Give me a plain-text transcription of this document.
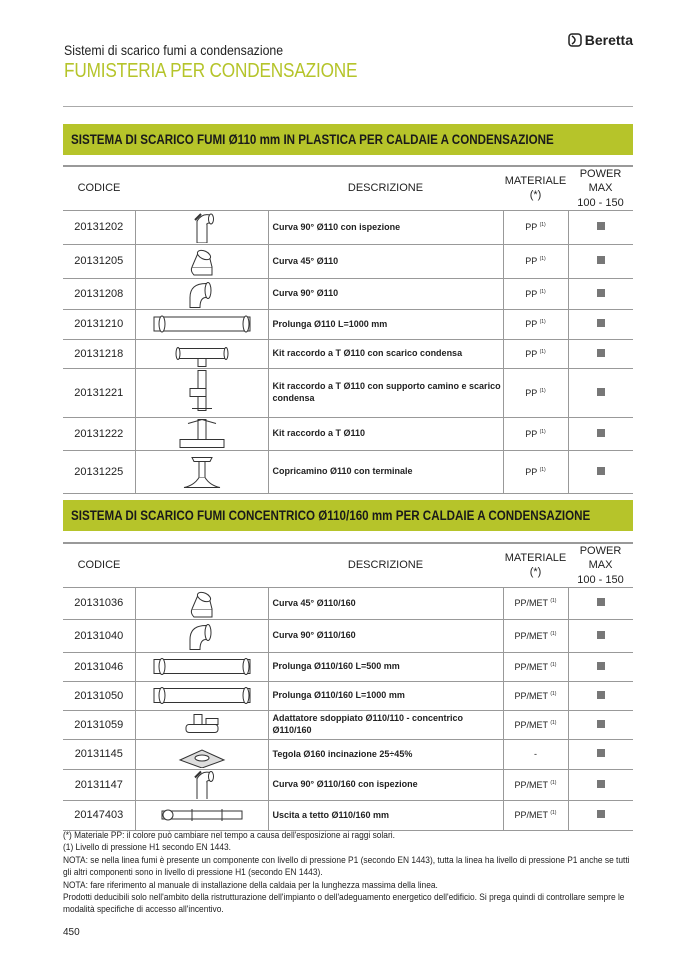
Sistemi di scarico fumi a condensazione
FUMISTERIA PER CONDENSAZIONE
Beretta
SISTEMA DI SCARICO FUMI Ø110 mm IN PLASTICA PER CALDAIE A CONDENSAZIONE
CODICE		DESCRIZIONE	MATERIALE (*)	POWER MAX
100 - 150
20131202		Curva 90° Ø110 con ispezione	PP $^{(1)}$	
20131205		Curva 45° Ø110	PP $^{(1)}$	
20131208		Curva 90° Ø110	PP $^{(1)}$	
20131210		Prolunga Ø110 L=1000 mm	PP $^{(1)}$	
20131218		Kit raccordo a T Ø110 con scarico condensa	PP $^{(1)}$	
20131221		Kit raccordo a T Ø110 con supporto camino e scarico condensa	PP $^{(1)}$	
20131222		Kit raccordo a T Ø110	PP $^{(1)}$	
20131225		Copricamino Ø110 con terminale	PP $^{(1)}$	
SISTEMA DI SCARICO FUMI CONCENTRICO Ø110/160 mm PER CALDAIE A CONDENSAZIONE
CODICE		DESCRIZIONE	MATERIALE (*)	POWER MAX
100 - 150
20131036		Curva 45° Ø110/160	PP/MET $^{(1)}$	
20131040		Curva 90° Ø110/160	PP/MET $^{(1)}$	
20131046		Prolunga Ø110/160 L=500 mm	PP/MET $^{(1)}$	
20131050		Prolunga Ø110/160 L=1000 mm	PP/MET $^{(1)}$	
20131059		Adattatore sdoppiato Ø110/110 - concentrico Ø110/160	PP/MET $^{(1)}$	
20131145		Tegola Ø160 incinazione 25÷45%	-	
20131147		Curva 90° Ø110/160 con ispezione	PP/MET $^{(1)}$	
20147403		Uscita a tetto Ø110/160 mm	PP/MET $^{(1)}$	
(*) Materiale PP: il colore può cambiare nel tempo a causa dell'esposizione ai raggi solari.
(1) Livello di pressione H1 secondo EN 1443.
NOTA: se nella linea fumi è presente un componente con livello di pressione P1 (secondo EN 1443), tutta la linea ha livello di pressione P1 anche se tutti gli altri componenti sono in livello di pressione H1 (secondo EN 1443).
NOTA: fare riferimento al manuale di installazione della caldaia per la lunghezza massima della linea.
Prodotti deducibili solo nell'ambito della ristrutturazione dell'impianto o dell'adeguamento energetico dell'edificio. Si prega quindi di controllare sempre le modalità specifiche di accesso all'incentivo.
450
